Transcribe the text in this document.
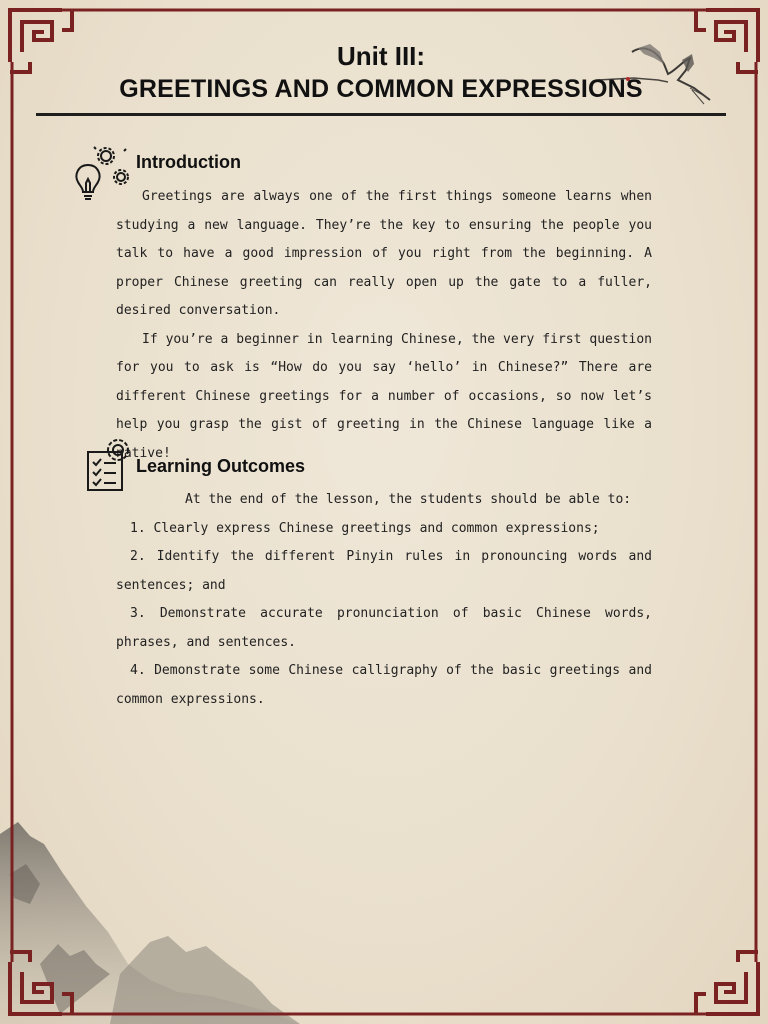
Unit III:
GREETINGS AND COMMON EXPRESSIONS
Introduction

Greetings are always one of the first things someone learns when studying a new language. They’re the key to ensuring the people you talk to have a good impression of you right from the beginning. A proper Chinese greeting can really open up the gate to a fuller, desired conversation.

If you’re a beginner in learning Chinese, the very first question for you to ask is “How do you say ‘hello’ in Chinese?” There are different Chinese greetings for a number of occasions, so now let’s help you grasp the gist of greeting in the Chinese language like a native!

Learning Outcomes

At the end of the lesson, the students should be able to:

1. Clearly express Chinese greetings and common expressions;

2. Identify the different Pinyin rules in pronouncing words and sentences; and

3. Demonstrate accurate pronunciation of basic Chinese words, phrases, and sentences.

4. Demonstrate some Chinese calligraphy of the basic greetings and common expressions.
